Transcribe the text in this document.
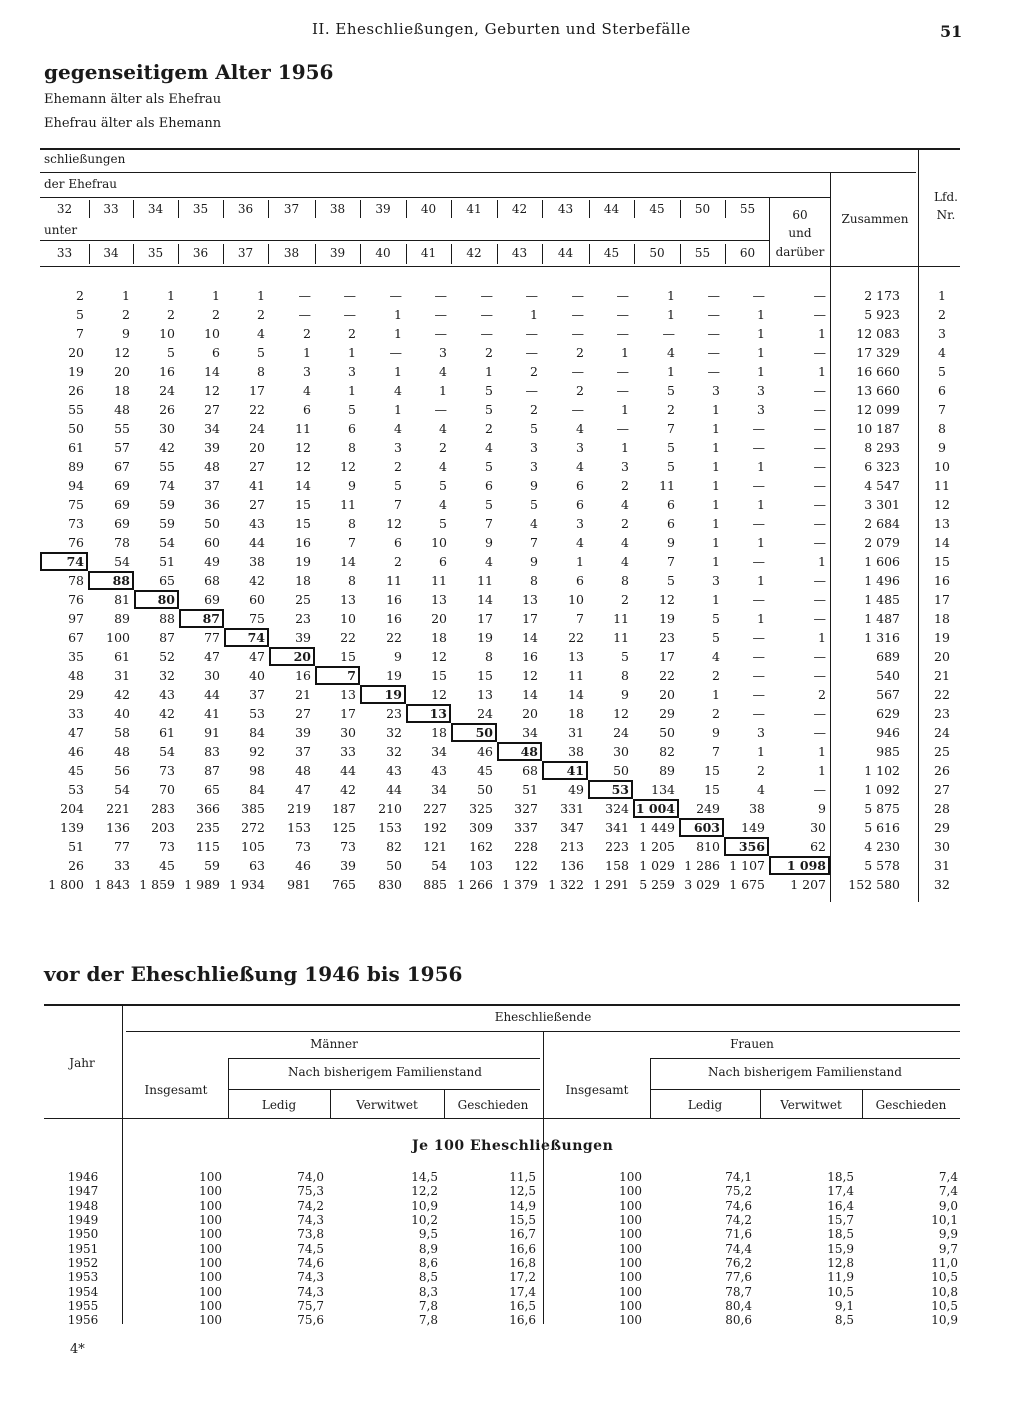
II. Eheschließungen, Geburten und Sterbefälle	51
gegenseitigem Alter 1956
Ehemann älter als Ehefrau
Ehefrau älter als Ehemann
schließungen
der Ehefrau
unter
32	33	34	35	36	37	38	39	40	41	42	43	44	45	50	55
33	34	35	36	37	38	39	40	41	42	43	44	45	50	55	60
60
und
darüber
Zusammen
Lfd.
Nr.
2	1	1	1	1	—	—	—	—	—	—	—	—	1	—	—	—	2 173	1
5	2	2	2	2	—	—	1	—	—	1	—	—	1	—	1	—	5 923	2
7	9	10	10	4	2	2	1	—	—	—	—	—	—	—	1	1	12 083	3
20	12	5	6	5	1	1	—	3	2	—	2	1	4	—	1	—	17 329	4
19	20	16	14	8	3	3	1	4	1	2	—	—	1	—	1	1	16 660	5
26	18	24	12	17	4	1	4	1	5	—	2	—	5	3	3	—	13 660	6
55	48	26	27	22	6	5	1	—	5	2	—	1	2	1	3	—	12 099	7
50	55	30	34	24	11	6	4	4	2	5	4	—	7	1	—	—	10 187	8
61	57	42	39	20	12	8	3	2	4	3	3	1	5	1	—	—	8 293	9
89	67	55	48	27	12	12	2	4	5	3	4	3	5	1	1	—	6 323	10
94	69	74	37	41	14	9	5	5	6	9	6	2	11	1	—	—	4 547	11
75	69	59	36	27	15	11	7	4	5	5	6	4	6	1	1	—	3 301	12
73	69	59	50	43	15	8	12	5	7	4	3	2	6	1	—	—	2 684	13
76	78	54	60	44	16	7	6	10	9	7	4	4	9	1	1	—	2 079	14
74	54	51	49	38	19	14	2	6	4	9	1	4	7	1	—	1	1 606	15
78	88	65	68	42	18	8	11	11	11	8	6	8	5	3	1	—	1 496	16
76	81	80	69	60	25	13	16	13	14	13	10	2	12	1	—	—	1 485	17
97	89	88	87	75	23	10	16	20	17	17	7	11	19	5	1	—	1 487	18
67	100	87	77	74	39	22	22	18	19	14	22	11	23	5	—	1	1 316	19
35	61	52	47	47	20	15	9	12	8	16	13	5	17	4	—	—	689	20
48	31	32	30	40	16	7	19	15	15	12	11	8	22	2	—	—	540	21
29	42	43	44	37	21	13	19	12	13	14	14	9	20	1	—	2	567	22
33	40	42	41	53	27	17	23	13	24	20	18	12	29	2	—	—	629	23
47	58	61	91	84	39	30	32	18	50	34	31	24	50	9	3	—	946	24
46	48	54	83	92	37	33	32	34	46	48	38	30	82	7	1	1	985	25
45	56	73	87	98	48	44	43	43	45	68	41	50	89	15	2	1	1 102	26
53	54	70	65	84	47	42	44	34	50	51	49	53	134	15	4	—	1 092	27
204	221	283	366	385	219	187	210	227	325	327	331	324	1 004	249	38	9	5 875	28
139	136	203	235	272	153	125	153	192	309	337	347	341	1 449	603	149	30	5 616	29
51	77	73	115	105	73	73	82	121	162	228	213	223	1 205	810	356	62	4 230	30
26	33	45	59	63	46	39	50	54	103	122	136	158	1 029	1 286	1 107	1 098	5 578	31
1 800	1 843	1 859	1 989	1 934	981	765	830	885	1 266	1 379	1 322	1 291	5 259	3 029	1 675	1 207	152 580	32
vor der Eheschließung 1946 bis 1956
Eheschließende
Männer	Frauen
Jahr
Insgesamt	Insgesamt
Nach bisherigem Familienstand	Nach bisherigem Familienstand
Ledig	Verwitwet	Geschieden	Ledig	Verwitwet	Geschieden
Je 100 Eheschließungen
1946	100	74,0	14,5	11,5	100	74,1	18,5	7,4
1947	100	75,3	12,2	12,5	100	75,2	17,4	7,4
1948	100	74,2	10,9	14,9	100	74,6	16,4	9,0
1949	100	74,3	10,2	15,5	100	74,2	15,7	10,1
1950	100	73,8	9,5	16,7	100	71,6	18,5	9,9
1951	100	74,5	8,9	16,6	100	74,4	15,9	9,7
1952	100	74,6	8,6	16,8	100	76,2	12,8	11,0
1953	100	74,3	8,5	17,2	100	77,6	11,9	10,5
1954	100	74,3	8,3	17,4	100	78,7	10,5	10,8
1955	100	75,7	7,8	16,5	100	80,4	9,1	10,5
1956	100	75,6	7,8	16,6	100	80,6	8,5	10,9
4*
